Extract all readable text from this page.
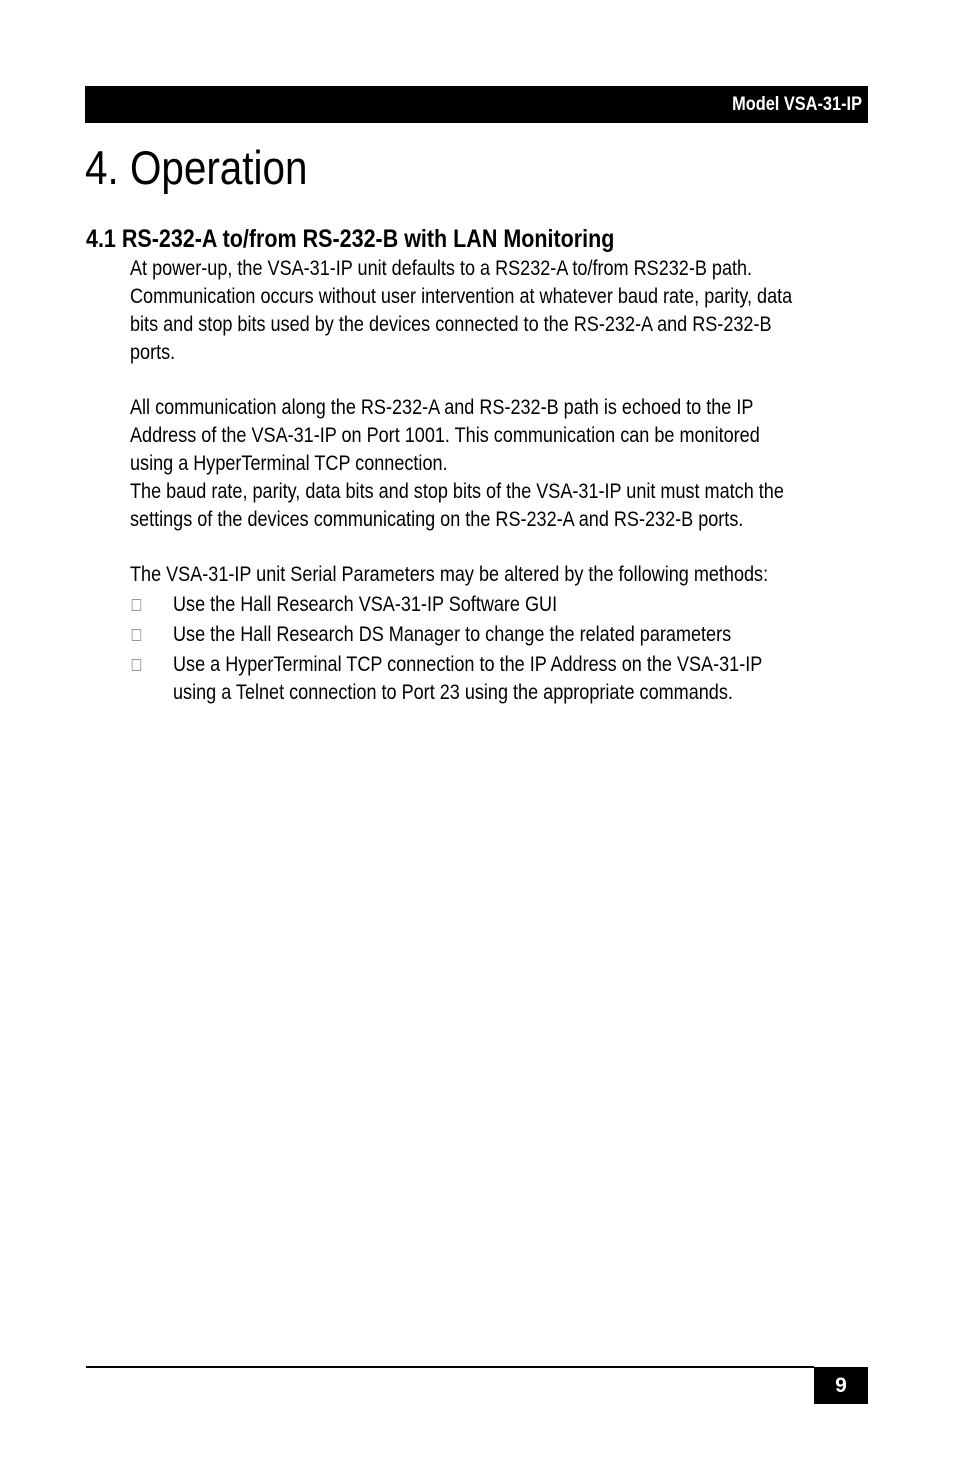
Model VSA-31-IP
4. Operation
4.1 RS-232-A to/from RS-232-B with LAN Monitoring

At power-up, the VSA-31-IP unit defaults to a RS232-A to/from RS232-B path.

Communication occurs without user intervention at whatever baud rate, parity, data

bits and stop bits used by the devices connected to the RS-232-A and RS-232-B

ports.

All communication along the RS-232-A and RS-232-B path is echoed to the IP

Address of the VSA-31-IP on Port 1001. This communication can be monitored

using a HyperTerminal TCP connection.

The baud rate, parity, data bits and stop bits of the VSA-31-IP unit must match the

settings of the devices communicating on the RS-232-A and RS-232-B ports.

The VSA-31-IP unit Serial Parameters may be altered by the following methods:

Use the Hall Research VSA-31-IP Software GUI
Use the Hall Research DS Manager to change the related parameters
Use a HyperTerminal TCP connection to the IP Address on the VSA-31-IP
using a Telnet connection to Port 23 using the appropriate commands.
9
